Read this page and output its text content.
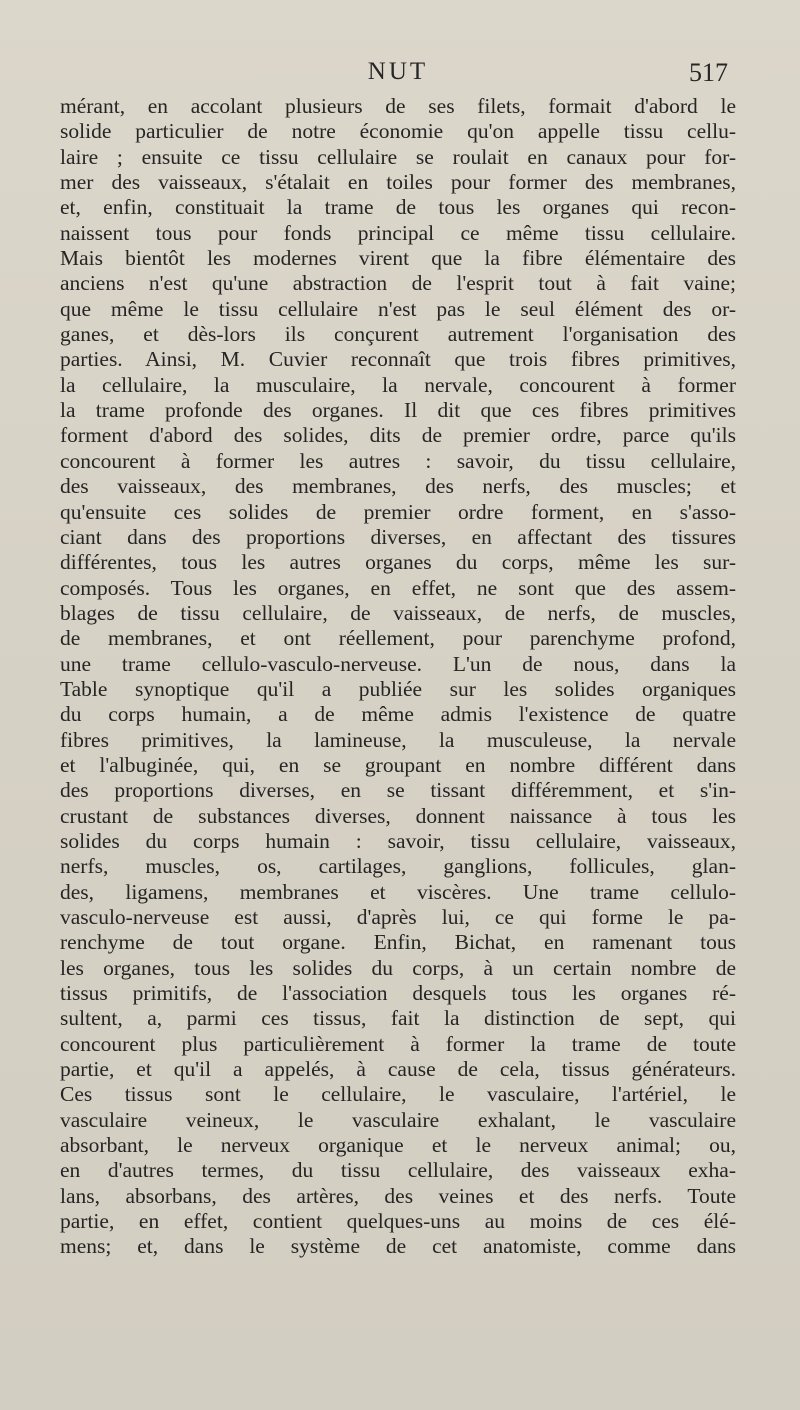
NUT	517
mérant, en accolant plusieurs de ses filets, formait d'abord le
solide particulier de notre économie qu'on appelle tissu cellu-
laire ; ensuite ce tissu cellulaire se roulait en canaux pour for-
mer des vaisseaux, s'étalait en toiles pour former des membranes,
et, enfin, constituait la trame de tous les organes qui recon-
naissent tous pour fonds principal ce même tissu cellulaire.
Mais bientôt les modernes virent que la fibre élémentaire des
anciens n'est qu'une abstraction de l'esprit tout à fait vaine;
que même le tissu cellulaire n'est pas le seul élément des or-
ganes, et dès-lors ils conçurent autrement l'organisation des
parties. Ainsi, M. Cuvier reconnaît que trois fibres primitives,
la cellulaire, la musculaire, la nervale, concourent à former
la trame profonde des organes. Il dit que ces fibres primitives
forment d'abord des solides, dits de premier ordre, parce qu'ils
concourent à former les autres : savoir, du tissu cellulaire,
des vaisseaux, des membranes, des nerfs, des muscles; et
qu'ensuite ces solides de premier ordre forment, en s'asso-
ciant dans des proportions diverses, en affectant des tissures
différentes, tous les autres organes du corps, même les sur-
composés. Tous les organes, en effet, ne sont que des assem-
blages de tissu cellulaire, de vaisseaux, de nerfs, de muscles,
de membranes, et ont réellement, pour parenchyme profond,
une trame cellulo-vasculo-nerveuse. L'un de nous, dans la
Table synoptique qu'il a publiée sur les solides organiques
du corps humain, a de même admis l'existence de quatre
fibres primitives, la lamineuse, la musculeuse, la nervale
et l'albuginée, qui, en se groupant en nombre différent dans
des proportions diverses, en se tissant différemment, et s'in-
crustant de substances diverses, donnent naissance à tous les
solides du corps humain : savoir, tissu cellulaire, vaisseaux,
nerfs, muscles, os, cartilages, ganglions, follicules, glan-
des, ligamens, membranes et viscères. Une trame cellulo-
vasculo-nerveuse est aussi, d'après lui, ce qui forme le pa-
renchyme de tout organe. Enfin, Bichat, en ramenant tous
les organes, tous les solides du corps, à un certain nombre de
tissus primitifs, de l'association desquels tous les organes ré-
sultent, a, parmi ces tissus, fait la distinction de sept, qui
concourent plus particulièrement à former la trame de toute
partie, et qu'il a appelés, à cause de cela, tissus générateurs.
Ces tissus sont le cellulaire, le vasculaire, l'artériel, le
vasculaire veineux, le vasculaire exhalant, le vasculaire
absorbant, le nerveux organique et le nerveux animal; ou,
en d'autres termes, du tissu cellulaire, des vaisseaux exha-
lans, absorbans, des artères, des veines et des nerfs. Toute
partie, en effet, contient quelques-uns au moins de ces élé-
mens; et, dans le système de cet anatomiste, comme dans
